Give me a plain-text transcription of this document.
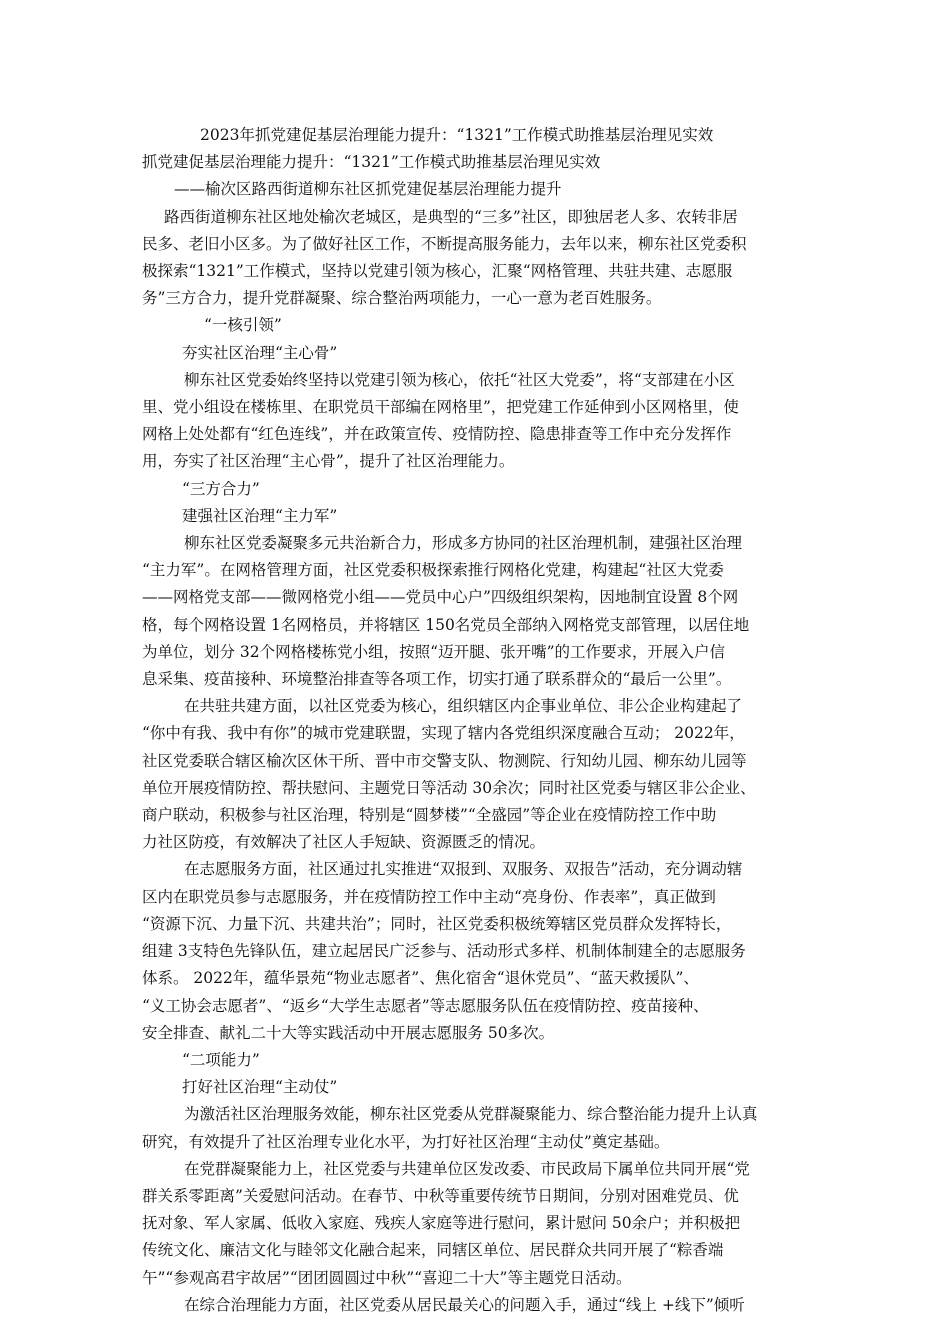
2023年抓党建促基层治理能力提升：“1321”工作模式助推基层治理见实效
抓党建促基层治理能力提升：“1321”工作模式助推基层治理见实效
——榆次区路西街道柳东社区抓党建促基层治理能力提升

路西街道柳东社区地处榆次老城区，是典型的“三多”社区，即独居老人多、农转非居
民多、老旧小区多。为了做好社区工作，不断提高服务能力，去年以来，柳东社区党委积
极探索“1321”工作模式，坚持以党建引领为核心，汇聚“网格管理、共驻共建、志愿服
务”三方合力，提升党群凝聚、综合整治两项能力，一心一意为老百姓服务。

“一核引领”
夯实社区治理“主心骨”

柳东社区党委始终坚持以党建引领为核心，依托“社区大党委”，将“支部建在小区
里、党小组设在楼栋里、在职党员干部编在网格里”，把党建工作延伸到小区网格里，使
网格上处处都有“红色连线”，并在政策宣传、疫情防控、隐患排查等工作中充分发挥作
用，夯实了社区治理“主心骨”，提升了社区治理能力。

“三方合力”
建强社区治理“主力军”

柳东社区党委凝聚多元共治新合力，形成多方协同的社区治理机制，建强社区治理
“主力军”。在网格管理方面，社区党委积极探索推行网格化党建，构建起“社区大党委
——网格党支部——微网格党小组——党员中心户”四级组织架构，因地制宜设置 8个网
格，每个网格设置 1名网格员，并将辖区 150名党员全部纳入网格党支部管理，以居住地
为单位，划分 32个网格楼栋党小组，按照“迈开腿、张开嘴”的工作要求，开展入户信
息采集、疫苗接种、环境整治排查等各项工作，切实打通了联系群众的“最后一公里”。

在共驻共建方面，以社区党委为核心，组织辖区内企事业单位、非公企业构建起了
“你中有我、我中有你”的城市党建联盟，实现了辖内各党组织深度融合互动； 2022年，
社区党委联合辖区榆次区休干所、晋中市交警支队、物测院、行知幼儿园、柳东幼儿园等
单位开展疫情防控、帮扶慰问、主题党日等活动 30余次；同时社区党委与辖区非公企业、
商户联动，积极参与社区治理，特别是“圆梦楼”“全盛园”等企业在疫情防控工作中助
力社区防疫，有效解决了社区人手短缺、资源匮乏的情况。

在志愿服务方面，社区通过扎实推进“双报到、双服务、双报告”活动，充分调动辖
区内在职党员参与志愿服务，并在疫情防控工作中主动“亮身份、作表率”，真正做到
“资源下沉、力量下沉、共建共治”；同时，社区党委积极统筹辖区党员群众发挥特长，
组建 3支特色先锋队伍，建立起居民广泛参与、活动形式多样、机制体制建全的志愿服务
体系。 2022年，蕴华景苑“物业志愿者”、焦化宿舍“退休党员”、“蓝天救援队”、
“义工协会志愿者”、“返乡“大学生志愿者”等志愿服务队伍在疫情防控、疫苗接种、
安全排查、献礼二十大等实践活动中开展志愿服务 50多次。

“二项能力”
打好社区治理“主动仗”

为激活社区治理服务效能，柳东社区党委从党群凝聚能力、综合整治能力提升上认真
研究，有效提升了社区治理专业化水平，为打好社区治理“主动仗”奠定基础。

在党群凝聚能力上，社区党委与共建单位区发改委、市民政局下属单位共同开展“党
群关系零距离”关爱慰问活动。在春节、中秋等重要传统节日期间，分别对困难党员、优
抚对象、军人家属、低收入家庭、残疾人家庭等进行慰问，累计慰问 50余户；并积极把
传统文化、廉洁文化与睦邻文化融合起来，同辖区单位、居民群众共同开展了“粽香端
午”“参观高君宇故居”“团团圆圆过中秋”“喜迎二十大”等主题党日活动。

在综合治理能力方面，社区党委从居民最关心的问题入手，通过“线上 +线下”倾听
